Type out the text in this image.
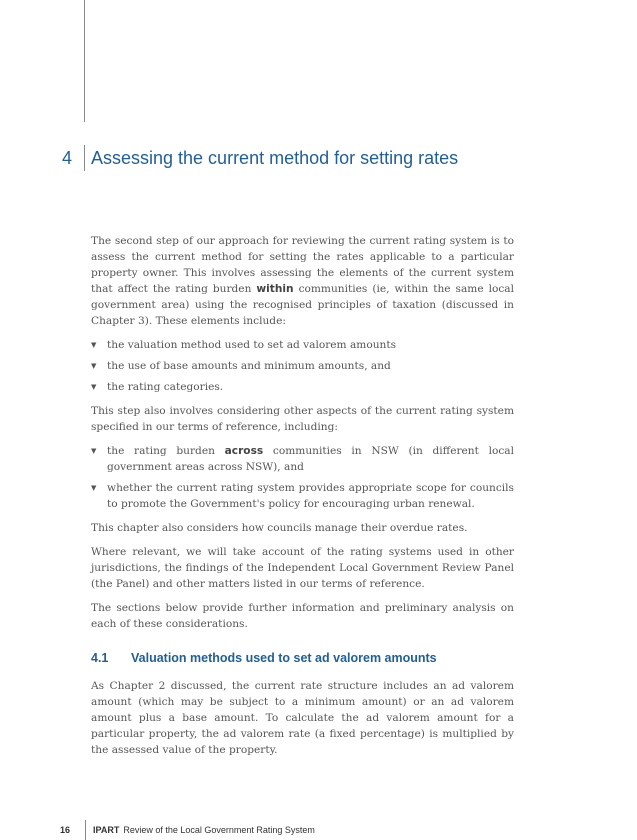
4	Assessing the current method for setting rates

The second step of our approach for reviewing the current rating system is to assess the current method for setting the rates applicable to a particular property owner. This involves assessing the elements of the current system that affect the rating burden within communities (ie, within the same local government area) using the recognised principles of taxation (discussed in Chapter 3). These elements include:

▼ the valuation method used to set ad valorem amounts
▼ the use of base amounts and minimum amounts, and
▼ the rating categories.

This step also involves considering other aspects of the current rating system specified in our terms of reference, including:

▼ the rating burden across communities in NSW (in different local government areas across NSW), and
▼ whether the current rating system provides appropriate scope for councils to promote the Government's policy for encouraging urban renewal.

This chapter also considers how councils manage their overdue rates.

Where relevant, we will take account of the rating systems used in other jurisdictions, the findings of the Independent Local Government Review Panel (the Panel) and other matters listed in our terms of reference.

The sections below provide further information and preliminary analysis on each of these considerations.

4.1	Valuation methods used to set ad valorem amounts

As Chapter 2 discussed, the current rate structure includes an ad valorem amount (which may be subject to a minimum amount) or an ad valorem amount plus a base amount. To calculate the ad valorem amount for a particular property, the ad valorem rate (a fixed percentage) is multiplied by the assessed value of the property.

16	IPART Review of the Local Government Rating System
